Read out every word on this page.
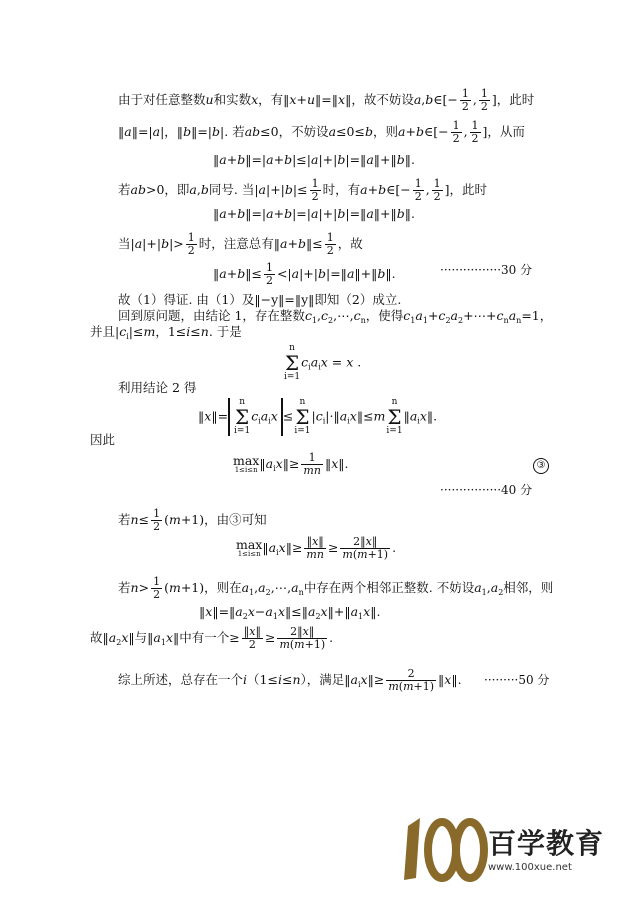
由于对任意整数u和实数x，有‖x+u‖=‖x‖，故不妨设a,b∈[− $\frac{1}{2}$ , $\frac{1}{2}$ ]，此时
‖a‖=|a|，‖b‖=|b|. 若ab≤0，不妨设a≤0≤b，则a+b∈[− $\frac{1}{2}$ , $\frac{1}{2}$ ]，从而
‖a+b‖=|a+b|≤|a|+|b|=‖a‖+‖b‖.
若ab>0，即a,b同号. 当$|a|+|b|\le \frac{1}{2}$ 时，有a+b∈[− $\frac{1}{2}$ , $\frac{1}{2}$ ]，此时
‖a+b‖=|a+b|=|a|+|b|=‖a‖+‖b‖.
当$|a|+|b|> \frac{1}{2}$ 时，注意总有‖a+b‖≤ $\frac{1}{2}$ ，故
‖a+b‖≤ $\frac{1}{2}$ <|a|+|b|=‖a‖+‖b‖.	················30 分
故（1）得证. 由（1）及‖−y‖=‖y‖即知（2）成立.
回到原问题，由结论 1，存在整数$c_1,c_2,\cdots,c_n$，使得$c_1a_1+c_2a_2+\cdots+c_na_n=1$，
并且$|c_i|\le m$，1≤i≤n. 于是
n
Σ
$i=1c_ia_ix = x$ .
利用结论 2 得
‖x‖=n
Σ
$i=1c_ia_ix \le n$
Σ
$i=1|c_i|\cdot‖a_ix‖\le mn$
Σ
$i=1‖a_ix‖$.
因此
max
1≤i≤n $‖a_ix‖\ge \frac{1}{mn}$ ‖x‖.	③
················40 分
若$n\le \frac{1}{2} (m+1)$，由③可知
max
1≤i≤n $‖a_ix‖\ge \frac{‖x‖}{mn} \ge \frac{2‖x‖}{m(m+1)}$ .
若$n> \frac{1}{2} (m+1)$，则在$a_1,a_2,\cdots,a_n$中存在两个相邻正整数. 不妨设$a_1,a_2$相邻，则
$‖x‖=‖a_2x-a_1x‖\le‖a_2x‖+‖a_1x‖$.
故$‖a_2x‖$与$‖a_1x‖$中有一个≥ $\frac{‖x‖}{2} \ge \frac{2‖x‖}{m(m+1)}$ .
综上所述，总存在一个i（1≤i≤n），满足$‖a_ix‖\ge \frac{2}{m(m+1)}$ ‖x‖. ·········50 分
百学教育
www.100xue.net
